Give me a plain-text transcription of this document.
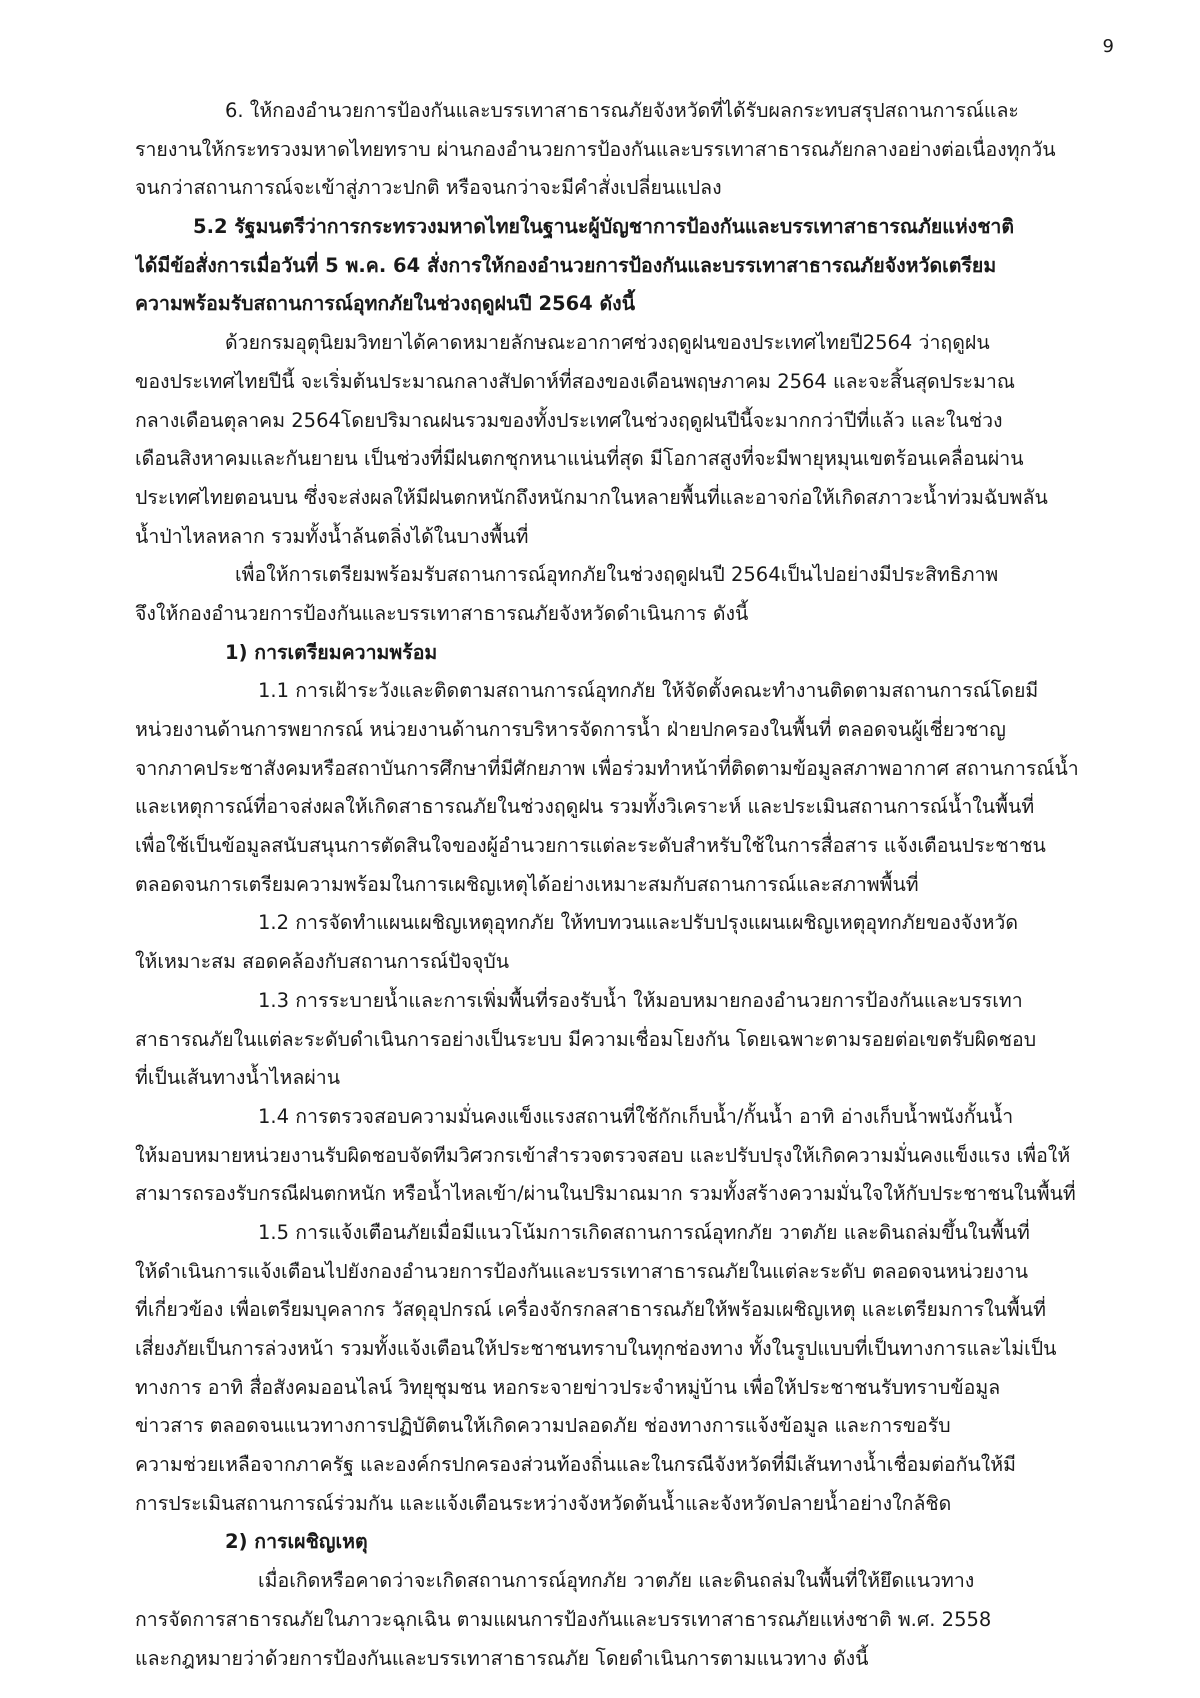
9
6. ให้กองอำนวยการป้องกันและบรรเทาสาธารณภัยจังหวัดที่ได้รับผลกระทบสรุปสถานการณ์และ
รายงานให้กระทรวงมหาดไทยทราบ ผ่านกองอำนวยการป้องกันและบรรเทาสาธารณภัยกลางอย่างต่อเนื่องทุกวัน
จนกว่าสถานการณ์จะเข้าสู่ภาวะปกติ หรือจนกว่าจะมีคำสั่งเปลี่ยนแปลง
5.2 รัฐมนตรีว่าการกระทรวงมหาดไทยในฐานะผู้บัญชาการป้องกันและบรรเทาสาธารณภัยแห่งชาติ
ได้มีข้อสั่งการเมื่อวันที่ 5 พ.ค. 64 สั่งการให้กองอำนวยการป้องกันและบรรเทาสาธารณภัยจังหวัดเตรียม
ความพร้อมรับสถานการณ์อุทกภัยในช่วงฤดูฝนปี 2564 ดังนี้
ด้วยกรมอุตุนิยมวิทยาได้คาดหมายลักษณะอากาศช่วงฤดูฝนของประเทศไทยปี2564 ว่าฤดูฝน
ของประเทศไทยปีนี้ จะเริ่มต้นประมาณกลางสัปดาห์ที่สองของเดือนพฤษภาคม 2564 และจะสิ้นสุดประมาณ
กลางเดือนตุลาคม 2564โดยปริมาณฝนรวมของทั้งประเทศในช่วงฤดูฝนปีนี้จะมากกว่าปีที่แล้ว และในช่วง
เดือนสิงหาคมและกันยายน เป็นช่วงที่มีฝนตกชุกหนาแน่นที่สุด มีโอกาสสูงที่จะมีพายุหมุนเขตร้อนเคลื่อนผ่าน
ประเทศไทยตอนบน ซึ่งจะส่งผลให้มีฝนตกหนักถึงหนักมากในหลายพื้นที่และอาจก่อให้เกิดสภาวะน้ำท่วมฉับพลัน
น้ำป่าไหลหลาก รวมทั้งน้ำล้นตลิ่งได้ในบางพื้นที่
เพื่อให้การเตรียมพร้อมรับสถานการณ์อุทกภัยในช่วงฤดูฝนปี 2564เป็นไปอย่างมีประสิทธิภาพ
จึงให้กองอำนวยการป้องกันและบรรเทาสาธารณภัยจังหวัดดำเนินการ ดังนี้
1) การเตรียมความพร้อม
1.1 การเฝ้าระวังและติดตามสถานการณ์อุทกภัย ให้จัดตั้งคณะทำงานติดตามสถานการณ์โดยมี
หน่วยงานด้านการพยากรณ์ หน่วยงานด้านการบริหารจัดการน้ำ ฝ่ายปกครองในพื้นที่ ตลอดจนผู้เชี่ยวชาญ
จากภาคประชาสังคมหรือสถาบันการศึกษาที่มีศักยภาพ เพื่อร่วมทำหน้าที่ติดตามข้อมูลสภาพอากาศ สถานการณ์น้ำ
และเหตุการณ์ที่อาจส่งผลให้เกิดสาธารณภัยในช่วงฤดูฝน รวมทั้งวิเคราะห์ และประเมินสถานการณ์น้ำในพื้นที่
เพื่อใช้เป็นข้อมูลสนับสนุนการตัดสินใจของผู้อำนวยการแต่ละระดับสำหรับใช้ในการสื่อสาร แจ้งเตือนประชาชน
ตลอดจนการเตรียมความพร้อมในการเผชิญเหตุได้อย่างเหมาะสมกับสถานการณ์และสภาพพื้นที่
1.2 การจัดทำแผนเผชิญเหตุอุทกภัย ให้ทบทวนและปรับปรุงแผนเผชิญเหตุอุทกภัยของจังหวัด
ให้เหมาะสม สอดคล้องกับสถานการณ์ปัจจุบัน
1.3 การระบายน้ำและการเพิ่มพื้นที่รองรับน้ำ ให้มอบหมายกองอำนวยการป้องกันและบรรเทา
สาธารณภัยในแต่ละระดับดำเนินการอย่างเป็นระบบ มีความเชื่อมโยงกัน โดยเฉพาะตามรอยต่อเขตรับผิดชอบ
ที่เป็นเส้นทางน้ำไหลผ่าน
1.4 การตรวจสอบความมั่นคงแข็งแรงสถานที่ใช้กักเก็บน้ำ/กั้นน้ำ อาทิ อ่างเก็บน้ำพนังกั้นน้ำ
ให้มอบหมายหน่วยงานรับผิดชอบจัดทีมวิศวกรเข้าสำรวจตรวจสอบ และปรับปรุงให้เกิดความมั่นคงแข็งแรง เพื่อให้
สามารถรองรับกรณีฝนตกหนัก หรือน้ำไหลเข้า/ผ่านในปริมาณมาก รวมทั้งสร้างความมั่นใจให้กับประชาชนในพื้นที่
1.5 การแจ้งเตือนภัยเมื่อมีแนวโน้มการเกิดสถานการณ์อุทกภัย วาตภัย และดินถล่มขึ้นในพื้นที่
ให้ดำเนินการแจ้งเตือนไปยังกองอำนวยการป้องกันและบรรเทาสาธารณภัยในแต่ละระดับ ตลอดจนหน่วยงาน
ที่เกี่ยวข้อง เพื่อเตรียมบุคลากร วัสดุอุปกรณ์ เครื่องจักรกลสาธารณภัยให้พร้อมเผชิญเหตุ และเตรียมการในพื้นที่
เสี่ยงภัยเป็นการล่วงหน้า รวมทั้งแจ้งเตือนให้ประชาชนทราบในทุกช่องทาง ทั้งในรูปแบบที่เป็นทางการและไม่เป็น
ทางการ อาทิ สื่อสังคมออนไลน์ วิทยุชุมชน หอกระจายข่าวประจำหมู่บ้าน เพื่อให้ประชาชนรับทราบข้อมูล
ข่าวสาร ตลอดจนแนวทางการปฏิบัติตนให้เกิดความปลอดภัย ช่องทางการแจ้งข้อมูล และการขอรับ
ความช่วยเหลือจากภาครัฐ และองค์กรปกครองส่วนท้องถิ่นและในกรณีจังหวัดที่มีเส้นทางน้ำเชื่อมต่อกันให้มี
การประเมินสถานการณ์ร่วมกัน และแจ้งเตือนระหว่างจังหวัดต้นน้ำและจังหวัดปลายน้ำอย่างใกล้ชิด
2) การเผชิญเหตุ
เมื่อเกิดหรือคาดว่าจะเกิดสถานการณ์อุทกภัย วาตภัย และดินถล่มในพื้นที่ให้ยึดแนวทาง
การจัดการสาธารณภัยในภาวะฉุกเฉิน ตามแผนการป้องกันและบรรเทาสาธารณภัยแห่งชาติ พ.ศ. 2558
และกฎหมายว่าด้วยการป้องกันและบรรเทาสาธารณภัย โดยดำเนินการตามแนวทาง ดังนี้
